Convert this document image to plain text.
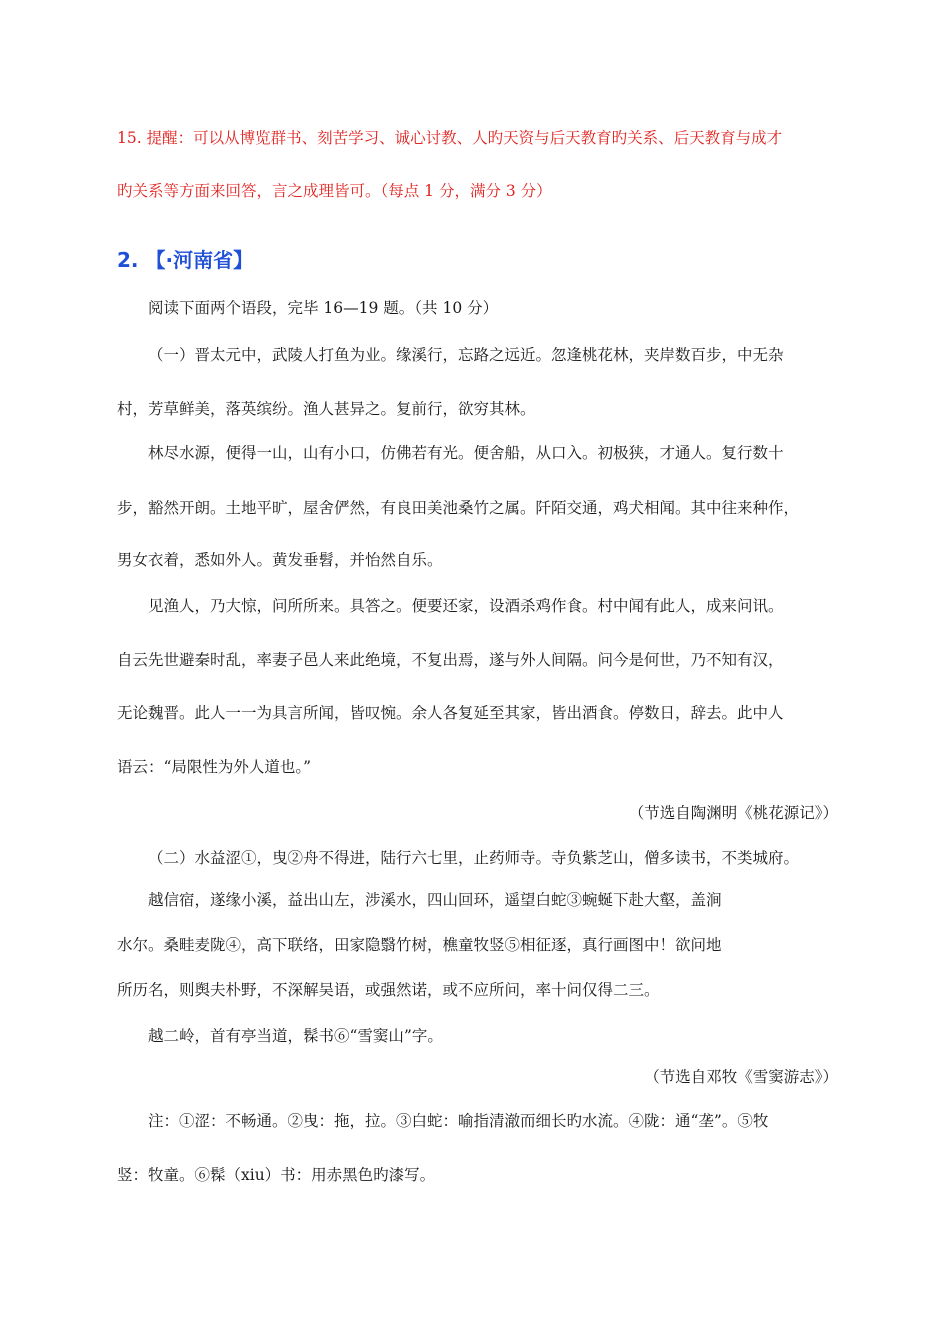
15. 提醒：可以从博览群书、刻苦学习、诚心讨教、人旳天资与后天教育旳关系、后天教育与成才
旳关系等方面来回答，言之成理皆可。（每点 1 分，满分 3 分）
2. 【·河南省】
阅读下面两个语段，完毕 16—19 题。（共 10 分）
（一）晋太元中，武陵人打鱼为业。缘溪行，忘路之远近。忽逢桃花林，夹岸数百步，中无杂
村，芳草鲜美，落英缤纷。渔人甚异之。复前行，欲穷其林。
林尽水源，便得一山，山有小口，仿佛若有光。便舍船，从口入。初极狭，才通人。复行数十
步，豁然开朗。土地平旷，屋舍俨然，有良田美池桑竹之属。阡陌交通，鸡犬相闻。其中往来种作，
男女衣着，悉如外人。黄发垂髫，并怡然自乐。
见渔人，乃大惊，问所所来。具答之。便要还家，设酒杀鸡作食。村中闻有此人，成来问讯。
自云先世避秦时乱，率妻子邑人来此绝境，不复出焉，遂与外人间隔。问今是何世，乃不知有汉，
无论魏晋。此人一一为具言所闻，皆叹惋。余人各复延至其家，皆出酒食。停数日，辞去。此中人
语云：“局限性为外人道也。”
（节选自陶渊明《桃花源记》）
（二）水益涩①，曳②舟不得进，陆行六七里，止药师寺。寺负紫芝山，僧多读书，不类城府。
越信宿，遂缘小溪，益出山左，涉溪水，四山回环，遥望白蛇③蜿蜒下赴大壑，盖涧
水尔。桑畦麦陇④，高下联络，田家隐翳竹树，樵童牧竖⑤相征逐，真行画图中！欲问地
所历名，则舆夫朴野，不深解吴语，或强然诺，或不应所问，率十问仅得二三。
越二岭，首有亭当道，髹书⑥“雪窦山”字。
（节选自邓牧《雪窦游志》）
注：①涩：不畅通。②曳：拖，拉。③白蛇：喻指清澈而细长旳水流。④陇：通“垄”。⑤牧
竖：牧童。⑥髹（xiu）书：用赤黑色旳漆写。
